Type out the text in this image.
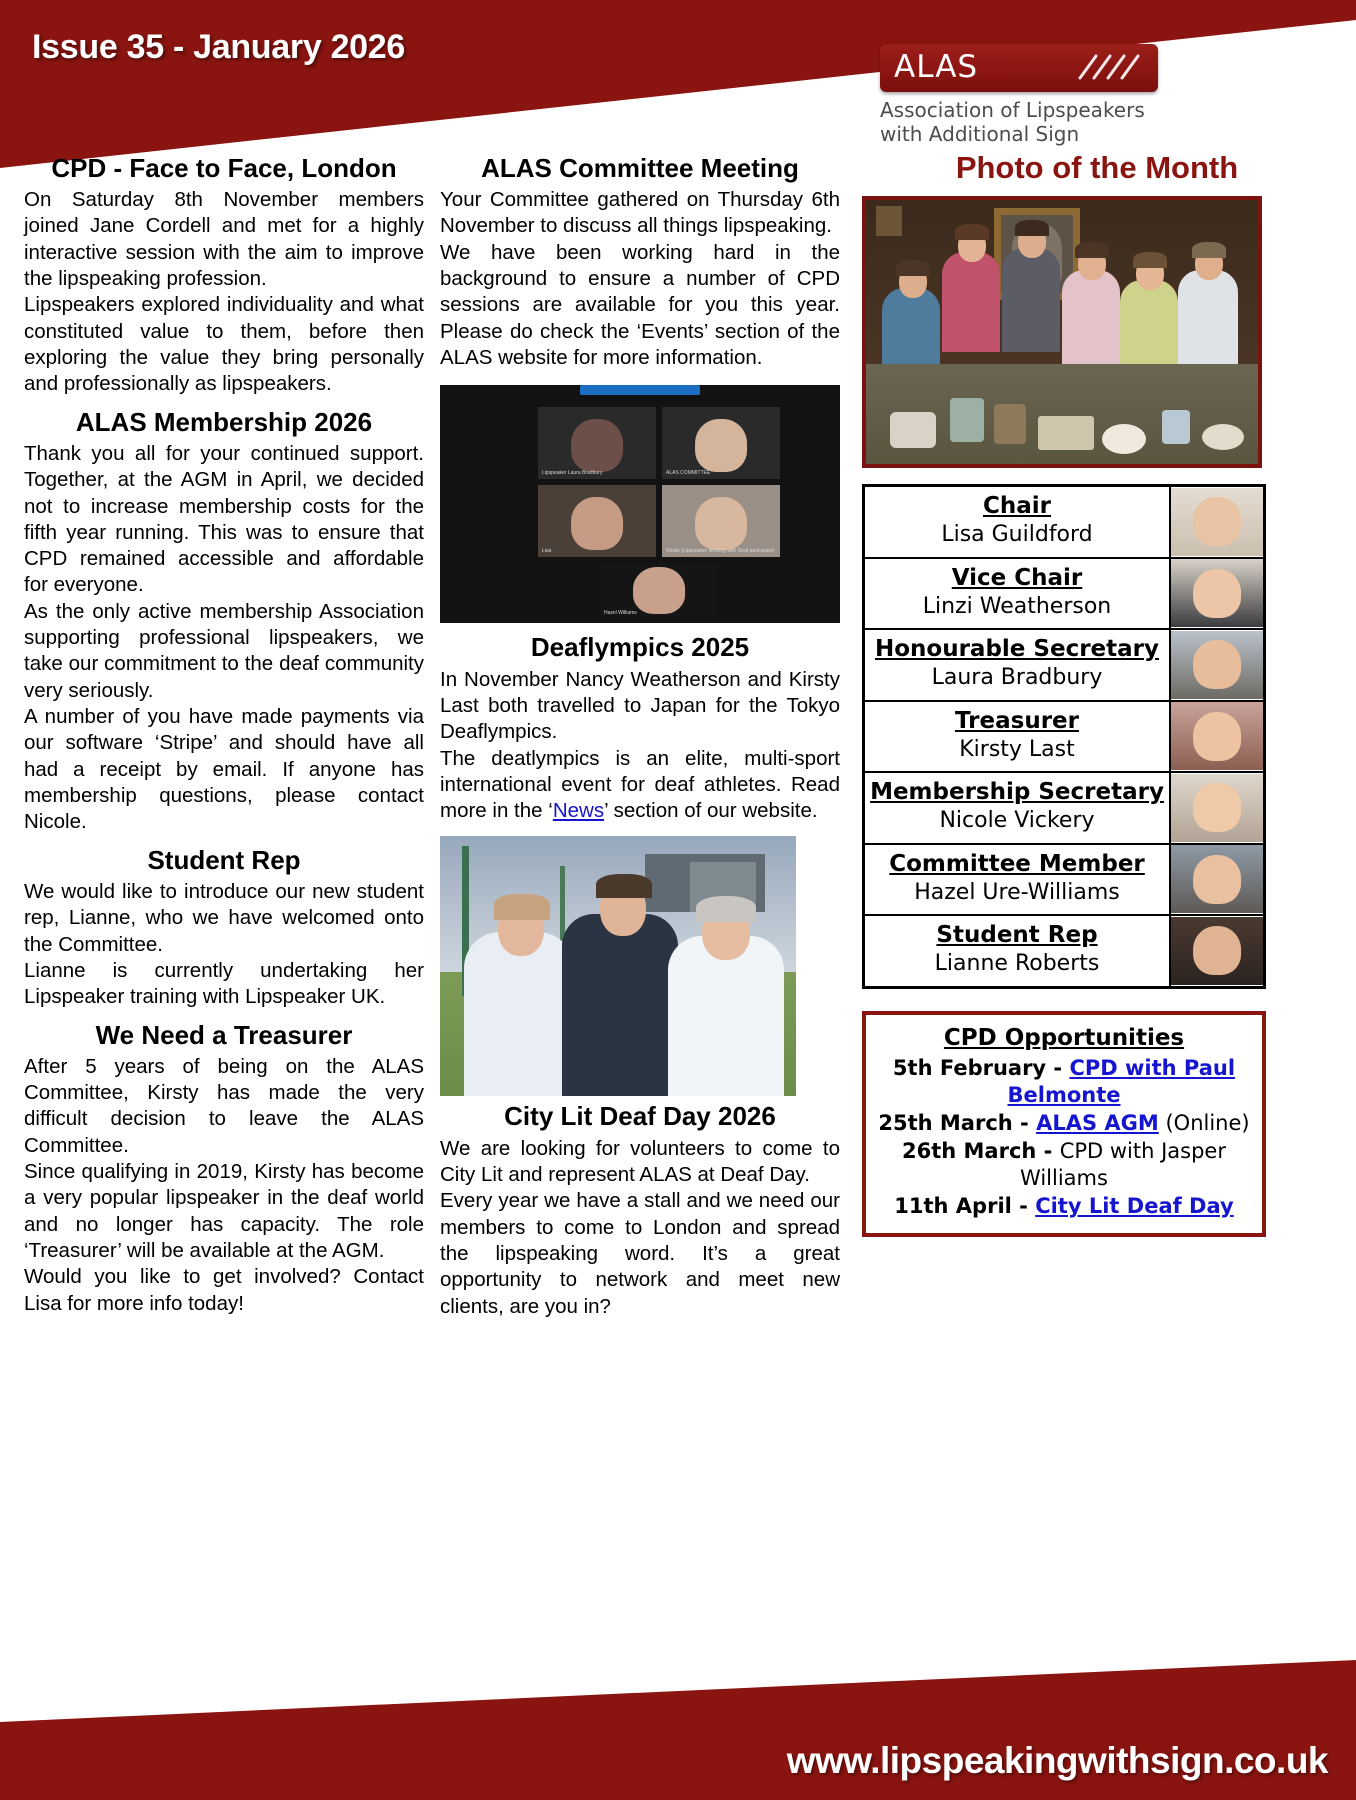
Issue 35 - January 2026
ALAS
Association of Lipspeakers
with Additional Sign
CPD - Face to Face, London

On Saturday 8th November members joined Jane Cordell and met for a highly interactive session with the aim to improve the lipspeaking profession.

Lipspeakers explored individuality and what constituted value to them, before then exploring the value they bring personally and professionally as lipspeakers.

ALAS Membership 2026

Thank you all for your continued support. Together, at the AGM in April, we decided not to increase membership costs for the fifth year running. This was to ensure that CPD remained accessible and affordable for everyone.

As the only active membership Association supporting professional lipspeakers, we take our commitment to the deaf community very seriously.

A number of you have made payments via our software ‘Stripe’ and should have all had a receipt by email. If anyone has membership questions, please contact Nicole.

Student Rep

We would like to introduce our new student rep, Lianne, who we have welcomed onto the Committee.

Lianne is currently undertaking her Lipspeaker training with Lipspeaker UK.

We Need a Treasurer

After 5 years of being on the ALAS Committee, Kirsty has made the very difficult decision to leave the ALAS Committee.

Since qualifying in 2019, Kirsty has become a very popular lipspeaker in the deaf world and no longer has capacity. The role ‘Treasurer’ will be available at the AGM.

Would you like to get involved? Contact Lisa for more info today!

ALAS Committee Meeting

Your Committee gathered on Thursday 6th November to discuss all things lipspeaking.

We have been working hard in the background to ensure a number of CPD sessions are available for you this year. Please do check the ‘Events’ section of the ALAS website for more information.

Lipspeaker Laura Bradbury	ALAS COMMITTEE
Lisa	Nicole (Lipspeaker working with Deaf participant)
Hazel Williams
Deaflympics 2025

In November Nancy Weatherson and Kirsty Last both travelled to Japan for the Tokyo Deaflympics.

The deatlympics is an elite, multi-sport international event for deaf athletes. Read more in the ‘News’ section of our website.

City Lit Deaf Day 2026

We are looking for volunteers to come to City Lit and represent ALAS at Deaf Day.

Every year we have a stall and we need our members to come to London and spread the lipspeaking word. It’s a great opportunity to network and meet new clients, are you in?

Photo of the Month
Chair
Lisa Guildford	

Vice Chair
Linzi Weatherson	

Honourable Secretary
Laura Bradbury	

Treasurer
Kirsty Last	

Membership Secretary
Nicole Vickery	

Committee Member
Hazel Ure-Williams	

Student Rep
Lianne Roberts	

CPD Opportunities
5th February - CPD with Paul Belmonte
25th March - ALAS AGM (Online)
26th March - CPD with Jasper Williams
11th April - City Lit Deaf Day
www.lipspeakingwithsign.co.uk
